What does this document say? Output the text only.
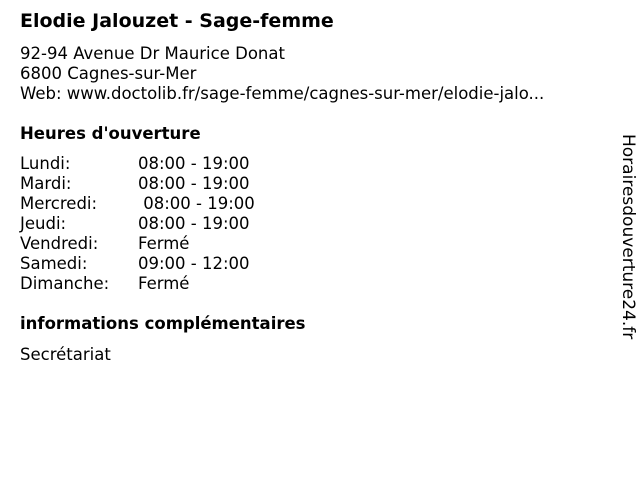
Elodie Jalouzet - Sage-femme
92-94 Avenue Dr Maurice Donat
6800 Cagnes-sur-Mer
Web: www.doctolib.fr/sage-femme/cagnes-sur-mer/elodie-jalo...
Heures d'ouverture
Lundi:	08:00 - 19:00
Mardi:	08:00 - 19:00
Mercredi:	08:00 - 19:00
Jeudi:	08:00 - 19:00
Vendredi:	Fermé
Samedi:	09:00 - 12:00
Dimanche:	Fermé
informations complémentaires
Secrétariat
Horairesdouverture24.fr
